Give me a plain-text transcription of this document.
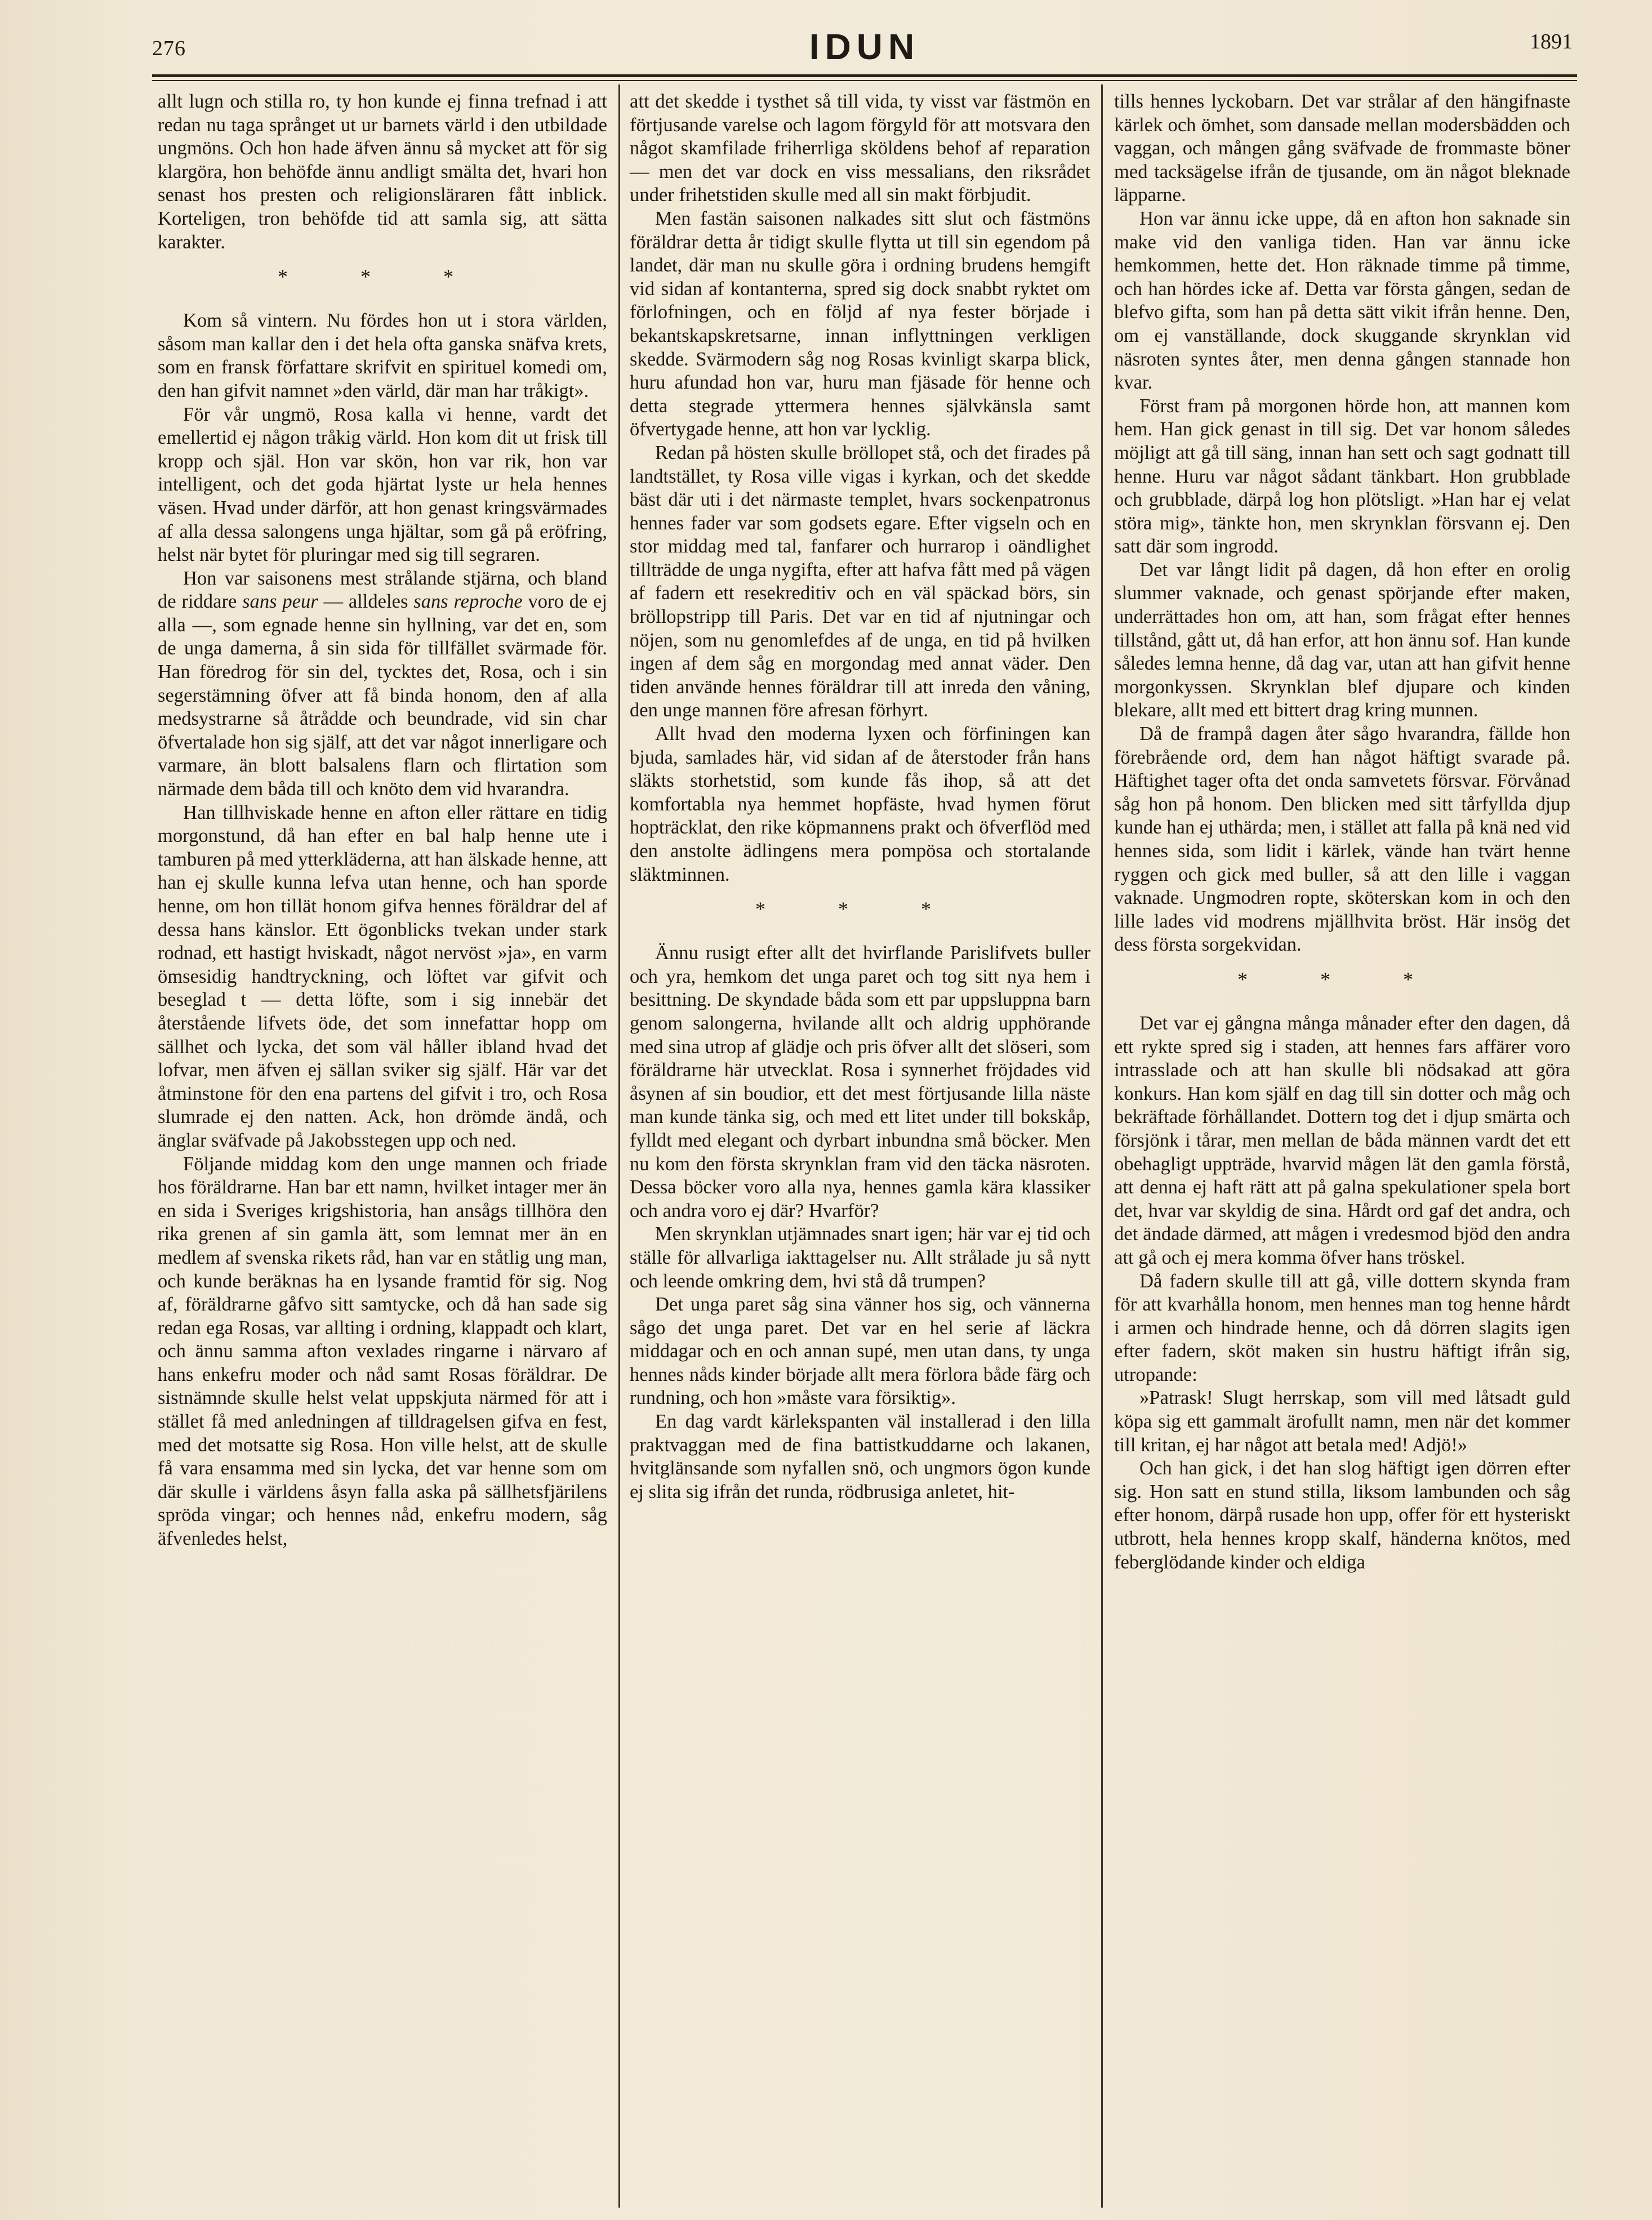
276	IDUN	1891

allt lugn och stilla ro, ty hon kunde ej finna trefnad i att redan nu taga språnget ut ur barnets värld i den utbildade ungmöns. Och hon hade äfven ännu så mycket att för sig klargöra, hon behöfde ännu andligt smälta det, hvari hon senast hos presten och religionsläraren fått inblick. Korteligen, tron behöfde tid att samla sig, att sätta karakter.

* * *

Kom så vintern. Nu fördes hon ut i stora världen, såsom man kallar den i det hela ofta ganska snäfva krets, som en fransk författare skrifvit en spirituel komedi om, den han gifvit namnet »den värld, där man har tråkigt».

För vår ungmö, Rosa kalla vi henne, vardt det emellertid ej någon tråkig värld. Hon kom dit ut frisk till kropp och själ. Hon var skön, hon var rik, hon var intelligent, och det goda hjärtat lyste ur hela hennes väsen. Hvad under därför, att hon genast kringsvärmades af alla dessa salongens unga hjältar, som gå på eröfring, helst när bytet för pluringar med sig till segraren.

Hon var saisonens mest strålande stjärna, och bland de riddare sans peur — alldeles sans reproche voro de ej alla —, som egnade henne sin hyllning, var det en, som de unga damerna, å sin sida för tillfället svärmade för. Han föredrog för sin del, tycktes det, Rosa, och i sin segerstämning öfver att få binda honom, den af alla medsystrarne så åtrådde och beundrade, vid sin char öfvertalade hon sig själf, att det var något innerligare och varmare, än blott balsalens flarn och flirtation som närmade dem båda till och knöto dem vid hvarandra.

Han tillhviskade henne en afton eller rättare en tidig morgonstund, då han efter en bal halp henne ute i tamburen på med ytterkläderna, att han älskade henne, att han ej skulle kunna lefva utan henne, och han sporde henne, om hon tillät honom gifva hennes föräldrar del af dessa hans känslor. Ett ögonblicks tvekan under stark rodnad, ett hastigt hviskadt, något nervöst »ja», en varm ömsesidig handtryckning, och löftet var gifvit och beseglad t — detta löfte, som i sig innebär det återstående lifvets öde, det som innefattar hopp om sällhet och lycka, det som väl håller ibland hvad det lofvar, men äfven ej sällan sviker sig själf. Här var det åtminstone för den ena partens del gifvit i tro, och Rosa slumrade ej den natten. Ack, hon drömde ändå, och änglar sväfvade på Jakobsstegen upp och ned.

Följande middag kom den unge mannen och friade hos föräldrarne. Han bar ett namn, hvilket intager mer än en sida i Sveriges krigshistoria, han ansågs tillhöra den rika grenen af sin gamla ätt, som lemnat mer än en medlem af svenska rikets råd, han var en ståtlig ung man, och kunde beräknas ha en lysande framtid för sig. Nog af, föräldrarne gåfvo sitt samtycke, och då han sade sig redan ega Rosas, var allting i ordning, klappadt och klart, och ännu samma afton vexlades ringarne i närvaro af hans enkefru moder och nåd samt Rosas föräldrar. De sistnämnde skulle helst velat uppskjuta närmed för att i stället få med anledningen af tilldragelsen gifva en fest, med det motsatte sig Rosa. Hon ville helst, att de skulle få vara ensamma med sin lycka, det var henne som om där skulle i världens åsyn falla aska på sällhetsfjärilens spröda vingar; och hennes nåd, enkefru modern, såg äfvenledes helst,

att det skedde i tysthet så till vida, ty visst var fästmön en förtjusande varelse och lagom förgyld för att motsvara den något skamfilade friherrliga sköldens behof af reparation — men det var dock en viss messalians, den riksrådet under frihetstiden skulle med all sin makt förbjudit.

Men fastän saisonen nalkades sitt slut och fästmöns föräldrar detta år tidigt skulle flytta ut till sin egendom på landet, där man nu skulle göra i ordning brudens hemgift vid sidan af kontanterna, spred sig dock snabbt ryktet om förlofningen, och en följd af nya fester började i bekantskapskretsarne, innan inflyttningen verkligen skedde. Svärmodern såg nog Rosas kvinligt skarpa blick, huru afundad hon var, huru man fjäsade för henne och detta stegrade yttermera hennes självkänsla samt öfvertygade henne, att hon var lycklig.

Redan på hösten skulle bröllopet stå, och det firades på landtstället, ty Rosa ville vigas i kyrkan, och det skedde bäst där uti i det närmaste templet, hvars sockenpatronus hennes fader var som godsets egare. Efter vigseln och en stor middag med tal, fanfarer och hurrarop i oändlighet tillträdde de unga nygifta, efter att hafva fått med på vägen af fadern ett resekreditiv och en väl späckad börs, sin bröllopstripp till Paris. Det var en tid af njutningar och nöjen, som nu genomlefdes af de unga, en tid på hvilken ingen af dem såg en morgondag med annat väder. Den tiden använde hennes föräldrar till att inreda den våning, den unge mannen före afresan förhyrt.

Allt hvad den moderna lyxen och förfiningen kan bjuda, samlades här, vid sidan af de återstoder från hans släkts storhetstid, som kunde fås ihop, så att det komfortabla nya hemmet hopfäste, hvad hymen förut hopträcklat, den rike köpmannens prakt och öfverflöd med den anstolte ädlingens mera pompösa och stortalande släktminnen.

* * *

Ännu rusigt efter allt det hvirflande Parislifvets buller och yra, hemkom det unga paret och tog sitt nya hem i besittning. De skyndade båda som ett par uppsluppna barn genom salongerna, hvilande allt och aldrig upphörande med sina utrop af glädje och pris öfver allt det slöseri, som föräldrarne här utvecklat. Rosa i synnerhet fröjdades vid åsynen af sin boudior, ett det mest förtjusande lilla näste man kunde tänka sig, och med ett litet under till bokskåp, fylldt med elegant och dyrbart inbundna små böcker. Men nu kom den första skrynklan fram vid den täcka näsroten. Dessa böcker voro alla nya, hennes gamla kära klassiker och andra voro ej där? Hvarför?

Men skrynklan utjämnades snart igen; här var ej tid och ställe för allvarliga iakttagelser nu. Allt strålade ju så nytt och leende omkring dem, hvi stå då trumpen?

Det unga paret såg sina vänner hos sig, och vännerna sågo det unga paret. Det var en hel serie af läckra middagar och en och annan supé, men utan dans, ty unga hennes nåds kinder började allt mera förlora både färg och rundning, och hon »måste vara försiktig».

En dag vardt kärlekspanten väl installerad i den lilla praktvaggan med de fina battistkuddarne och lakanen, hvitglänsande som nyfallen snö, och ungmors ögon kunde ej slita sig ifrån det runda, rödbrusiga anletet, hit-

tills hennes lyckobarn. Det var strålar af den hängifnaste kärlek och ömhet, som dansade mellan modersbädden och vaggan, och mången gång sväfvade de frommaste böner med tacksägelse ifrån de tjusande, om än något bleknade läpparne.

Hon var ännu icke uppe, då en afton hon saknade sin make vid den vanliga tiden. Han var ännu icke hemkommen, hette det. Hon räknade timme på timme, och han hördes icke af. Detta var första gången, sedan de blefvo gifta, som han på detta sätt vikit ifrån henne. Den, om ej vanställande, dock skuggande skrynklan vid näsroten syntes åter, men denna gången stannade hon kvar.

Först fram på morgonen hörde hon, att mannen kom hem. Han gick genast in till sig. Det var honom således möjligt att gå till säng, innan han sett och sagt godnatt till henne. Huru var något sådant tänkbart. Hon grubblade och grubblade, därpå log hon plötsligt. »Han har ej velat störa mig», tänkte hon, men skrynklan försvann ej. Den satt där som ingrodd.

Det var långt lidit på dagen, då hon efter en orolig slummer vaknade, och genast spörjande efter maken, underrättades hon om, att han, som frågat efter hennes tillstånd, gått ut, då han erfor, att hon ännu sof. Han kunde således lemna henne, då dag var, utan att han gifvit henne morgonkyssen. Skrynklan blef djupare och kinden blekare, allt med ett bittert drag kring munnen.

Då de frampå dagen åter sågo hvarandra, fällde hon förebrående ord, dem han något häftigt svarade på. Häftighet tager ofta det onda samvetets försvar. Förvånad såg hon på honom. Den blicken med sitt tårfyllda djup kunde han ej uthärda; men, i stället att falla på knä ned vid hennes sida, som lidit i kärlek, vände han tvärt henne ryggen och gick med buller, så att den lille i vaggan vaknade. Ungmodren ropte, sköterskan kom in och den lille lades vid modrens mjällhvita bröst. Här insög det dess första sorgekvidan.

* * *

Det var ej gångna många månader efter den dagen, då ett rykte spred sig i staden, att hennes fars affärer voro intrasslade och att han skulle bli nödsakad att göra konkurs. Han kom själf en dag till sin dotter och måg och bekräftade förhållandet. Dottern tog det i djup smärta och försjönk i tårar, men mellan de båda männen vardt det ett obehagligt uppträde, hvarvid mågen lät den gamla förstå, att denna ej haft rätt att på galna spekulationer spela bort det, hvar var skyldig de sina. Hårdt ord gaf det andra, och det ändade därmed, att mågen i vredesmod bjöd den andra att gå och ej mera komma öfver hans tröskel.

Då fadern skulle till att gå, ville dottern skynda fram för att kvarhålla honom, men hennes man tog henne hårdt i armen och hindrade henne, och då dörren slagits igen efter fadern, sköt maken sin hustru häftigt ifrån sig, utropande:

»Patrask! Slugt herrskap, som vill med låtsadt guld köpa sig ett gammalt ärofullt namn, men när det kommer till kritan, ej har något att betala med! Adjö!»

Och han gick, i det han slog häftigt igen dörren efter sig. Hon satt en stund stilla, liksom lambunden och såg efter honom, därpå rusade hon upp, offer för ett hysteriskt utbrott, hela hennes kropp skalf, händerna knötos, med feberglödande kinder och eldiga
